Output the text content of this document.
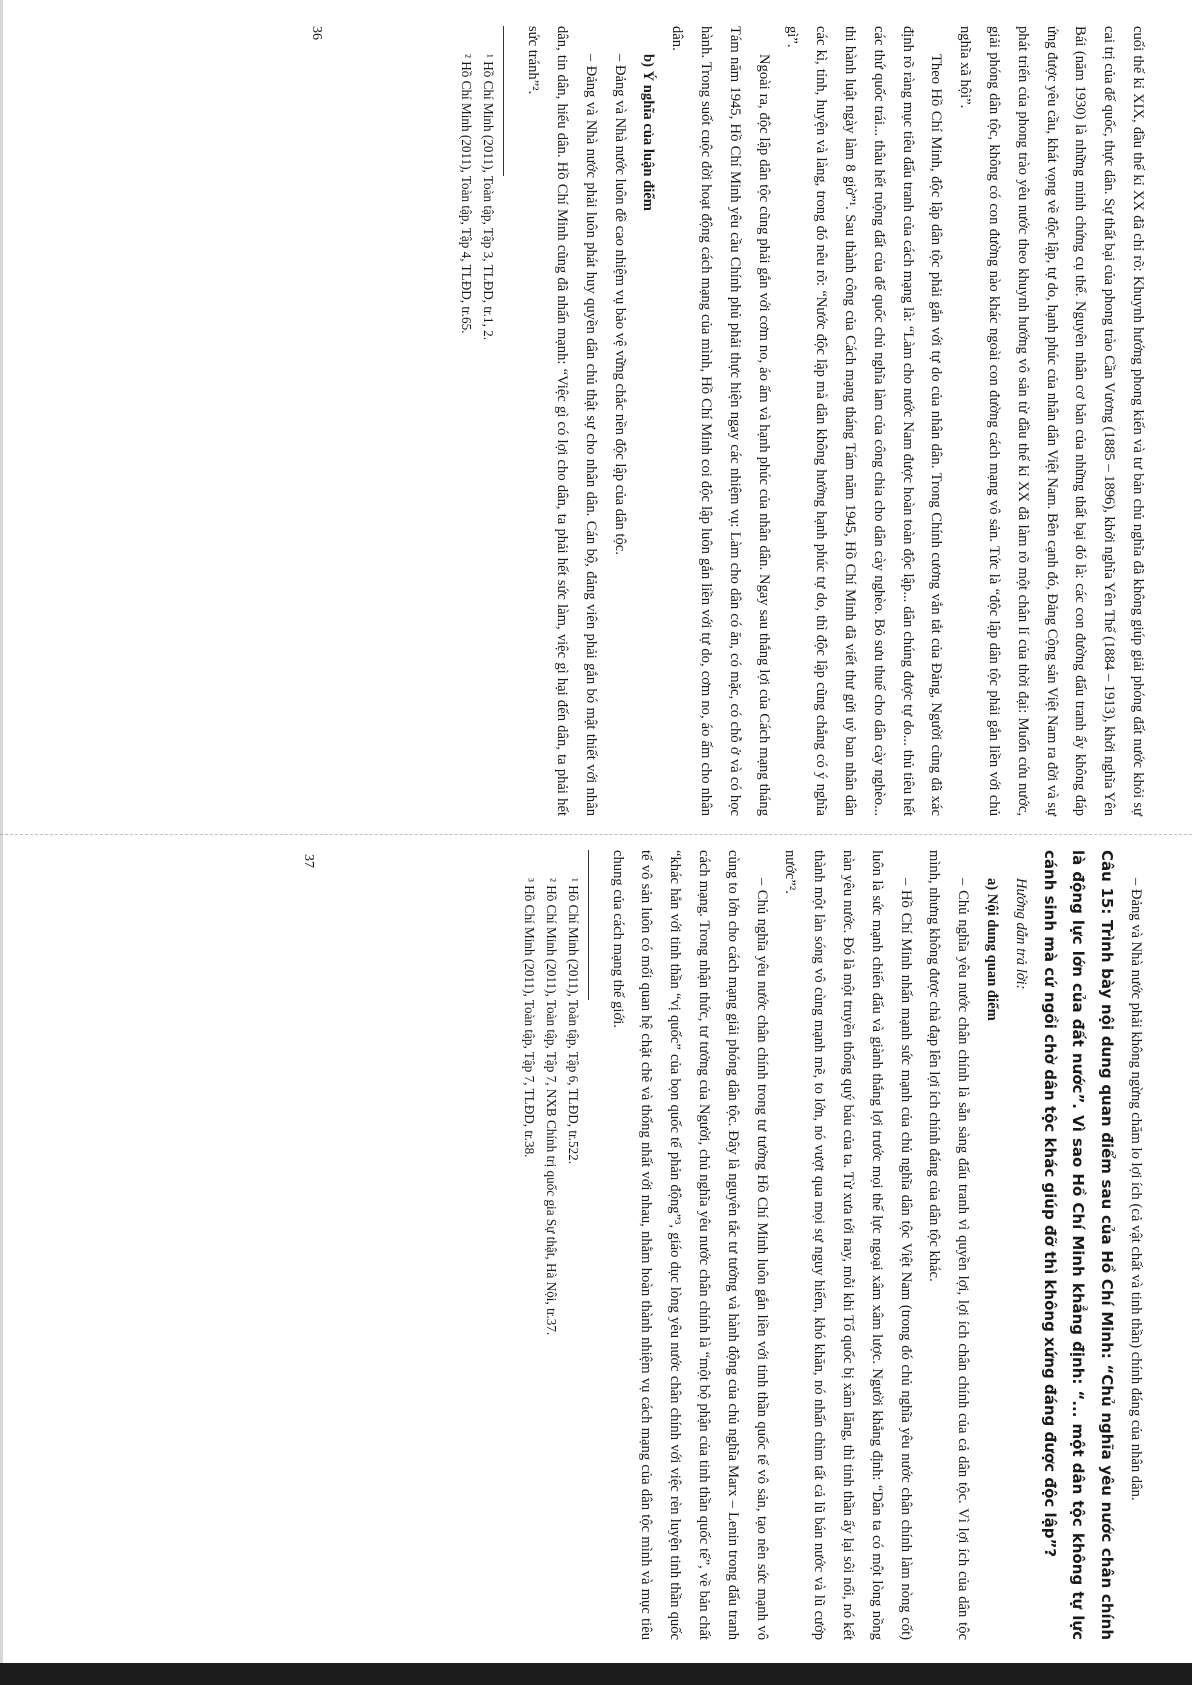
cuối thế kỉ XIX, đầu thế kỉ XX đã chỉ rõ: Khuynh hướng phong kiến và tư bản chủ nghĩa đã không giúp giải phóng đất nước khỏi sự cai trị của đế quốc, thực dân. Sự thất bại của phong trào Cần Vương (1885 – 1896), khởi nghĩa Yên Thế (1884 – 1913), khởi nghĩa Yên Bái (năm 1930) là những minh chứng cụ thể. Nguyên nhân cơ bản của những thất bại đó là: các con đường đấu tranh ấy không đáp ứng được yêu cầu, khát vọng về độc lập, tự do, hạnh phúc của nhân dân Việt Nam. Bên cạnh đó, Đảng Cộng sản Việt Nam ra đời và sự phát triển của phong trào yêu nước theo khuynh hướng vô sản từ đầu thế kỉ XX đã làm rõ một chân lí của thời đại: Muốn cứu nước, giải phóng dân tộc, không có con đường nào khác ngoài con đường cách mạng vô sản. Tức là “độc lập dân tộc phải gắn liền với chủ nghĩa xã hội”.

Theo Hồ Chí Minh, độc lập dân tộc phải gắn với tự do của nhân dân. Trong Chính cương vắn tắt của Đảng, Người cũng đã xác định rõ ràng mục tiêu đấu tranh của cách mạng là: “Làm cho nước Nam được hoàn toàn độc lập... dân chúng được tự do... thủ tiêu hết các thứ quốc trái... thâu hết ruộng đất của đế quốc chủ nghĩa làm của công chia cho dân cày nghèo. Bỏ sưu thuế cho dân cày nghèo... thi hành luật ngày làm 8 giờ”¹. Sau thành công của Cách mạng tháng Tám năm 1945, Hồ Chí Minh đã viết thư gửi uỷ ban nhân dân các kì, tỉnh, huyện và làng, trong đó nêu rõ: “Nước độc lập mà dân không hưởng hạnh phúc tự do, thì độc lập cũng chẳng có ý nghĩa gì”.

Ngoài ra, độc lập dân tộc cũng phải gắn với cơm no, áo ấm và hạnh phúc của nhân dân. Ngay sau thắng lợi của Cách mạng tháng Tám năm 1945, Hồ Chí Minh yêu cầu Chính phủ phải thực hiện ngay các nhiệm vụ: Làm cho dân có ăn, có mặc, có chỗ ở và có học hành. Trong suốt cuộc đời hoạt động cách mạng của mình, Hồ Chí Minh coi độc lập luôn gắn liền với tự do, cơm no, áo ấm cho nhân dân.

b) Ý nghĩa của luận điểm

– Đảng và Nhà nước luôn đề cao nhiệm vụ bảo vệ vững chắc nền độc lập của dân tộc.

– Đảng và Nhà nước phải luôn phát huy quyền dân chủ thật sự cho nhân dân. Cán bộ, đảng viên phải gắn bó mật thiết với nhân dân, tin dân, hiểu dân. Hồ Chí Minh cũng đã nhấn mạnh: “Việc gì có lợi cho dân, ta phải hết sức làm, việc gì hại đến dân, ta phải hết sức tránh”².

¹ Hồ Chí Minh (2011), Toàn tập, Tập 3, TLĐD, tr.1, 2.

² Hồ Chí Minh (2011), Toàn tập, Tập 4, TLĐD, tr.65.

36

– Đảng và Nhà nước phải không ngừng chăm lo lợi ích (cả vật chất và tinh thần) chính đáng của nhân dân.

Câu 15: Trình bày nội dung quan điểm sau của Hồ Chí Minh: “Chủ nghĩa yêu nước chân chính là động lực lớn của đất nước”. Vì sao Hồ Chí Minh khẳng định: “... một dân tộc không tự lực cánh sinh mà cứ ngồi chờ dân tộc khác giúp đỡ thì không xứng đáng được độc lập”?

Hướng dẫn trả lời:

a) Nội dung quan điểm

– Chủ nghĩa yêu nước chân chính là sẵn sàng đấu tranh vì quyền lợi, lợi ích chân chính của cả dân tộc. Vì lợi ích của dân tộc mình, nhưng không được chà đạp lên lợi ích chính đáng của dân tộc khác.

– Hồ Chí Minh nhấn mạnh sức mạnh của chủ nghĩa dân tộc Việt Nam (trong đó chủ nghĩa yêu nước chân chính làm nòng cốt) luôn là sức mạnh chiến đấu và giành thắng lợi trước mọi thế lực ngoại xâm xâm lược. Người khẳng định: “Dân ta có một lòng nồng nàn yêu nước. Đó là một truyền thống quý báu của ta. Từ xưa tới nay, mỗi khi Tổ quốc bị xâm lăng, thì tinh thần ấy lại sôi nổi, nó kết thành một làn sóng vô cùng mạnh mẽ, to lớn, nó vượt qua mọi sự nguy hiểm, khó khăn, nó nhấn chìm tất cả lũ bán nước và lũ cướp nước”².

– Chủ nghĩa yêu nước chân chính trong tư tưởng Hồ Chí Minh luôn gắn liền với tinh thần quốc tế vô sản, tạo nên sức mạnh vô cùng to lớn cho cách mạng giải phóng dân tộc. Đây là nguyên tắc tư tưởng và hành động của chủ nghĩa Marx – Lenin trong đấu tranh cách mạng. Trong nhận thức, tư tưởng của Người, chủ nghĩa yêu nước chân chính là “một bộ phận của tinh thần quốc tế”, về bản chất “khác hẳn với tinh thần “vị quốc” của bọn quốc tế phản động”³, giáo dục lòng yêu nước chân chính với việc rèn luyện tinh thần quốc tế vô sản luôn có mối quan hệ chặt chẽ và thống nhất với nhau, nhằm hoàn thành nhiệm vụ cách mạng của dân tộc mình và mục tiêu chung của cách mạng thế giới.

¹ Hồ Chí Minh (2011), Toàn tập, Tập 6, TLĐD, tr.522.

² Hồ Chí Minh (2011), Toàn tập, Tập 7, NXB Chính trị quốc gia Sự thật, Hà Nội, tr.37.

³ Hồ Chí Minh (2011), Toàn tập, Tập 7, TLĐD, tr.38.

37
